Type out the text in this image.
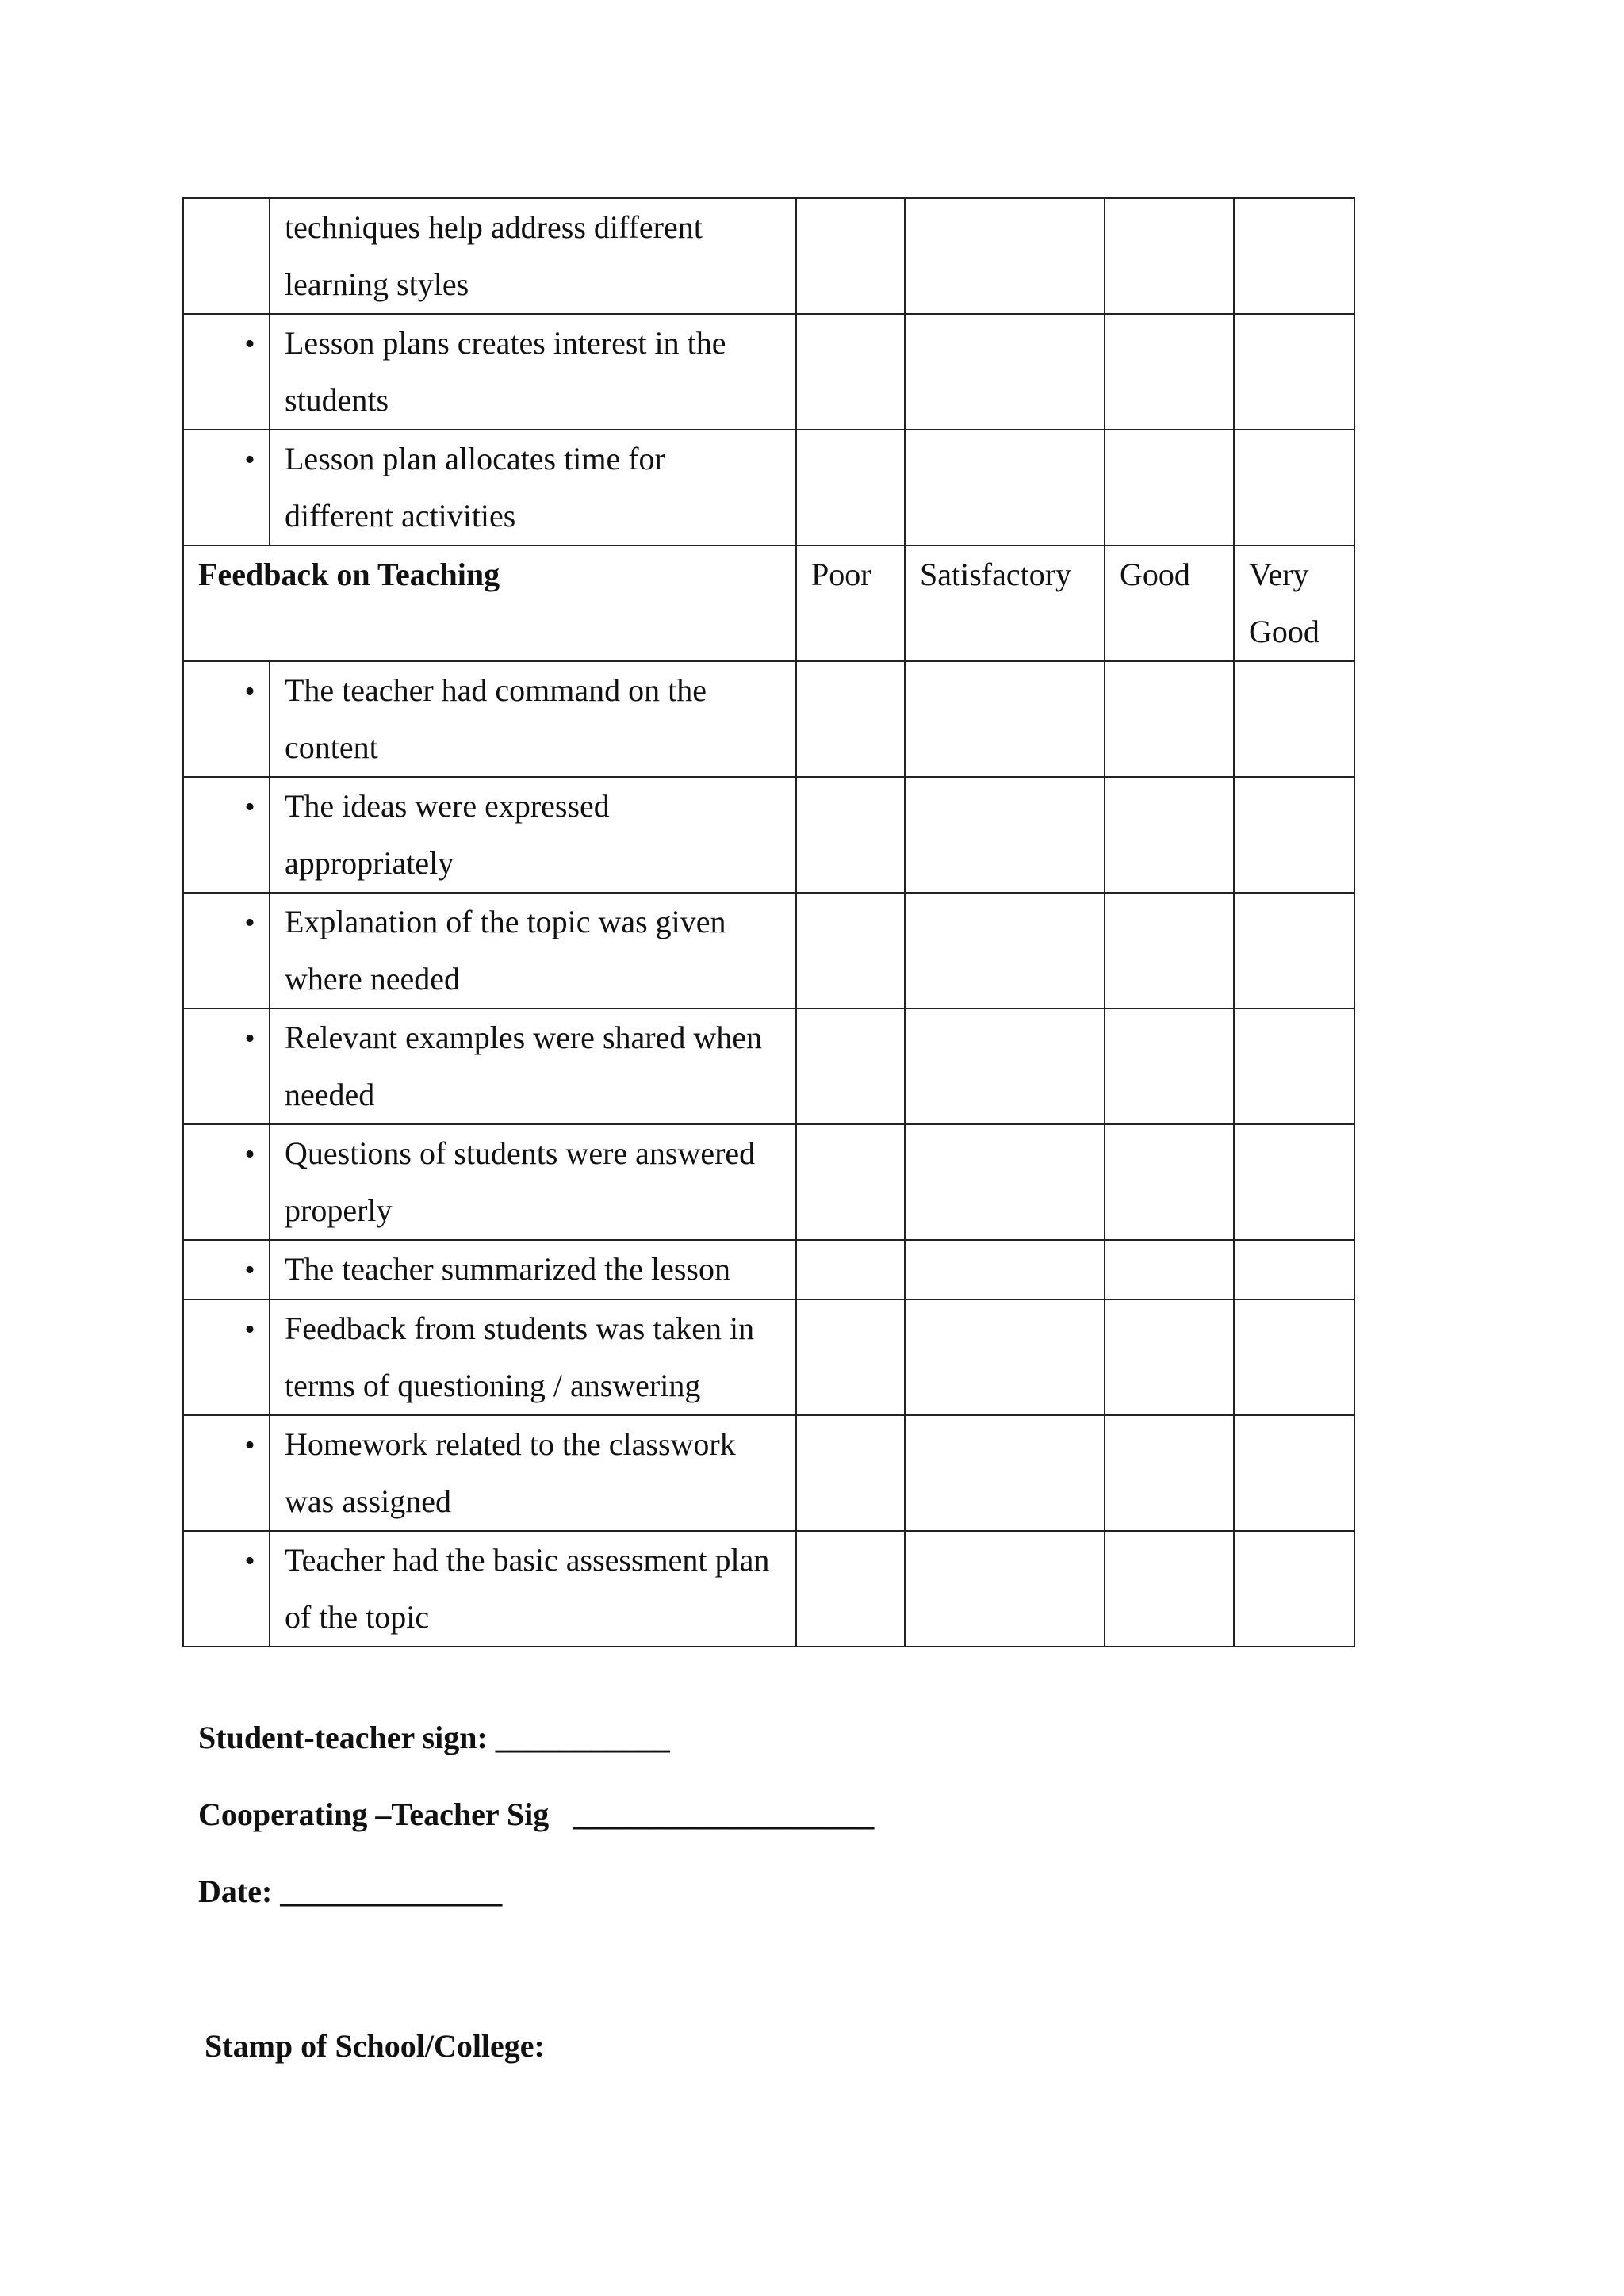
	techniques help address different learning styles				
•	Lesson plans creates interest in the students				
•	Lesson plan allocates time for different activities				
Feedback on Teaching		Poor	Satisfactory	Good	Very Good
•	The teacher had command on the content				
•	The ideas were expressed appropriately				
•	Explanation of the topic was given where needed				
•	Relevant examples were shared when needed				
•	Questions of students were answered properly				
•	The teacher summarized the lesson				
•	Feedback from students was taken in terms of questioning / answering				
•	Homework related to the classwork was assigned				
•	Teacher had the basic assessment plan of the topic				
Student-teacher sign: ___________
Cooperating –Teacher Sig   ___________________
Date: ______________
Stamp of School/College:
